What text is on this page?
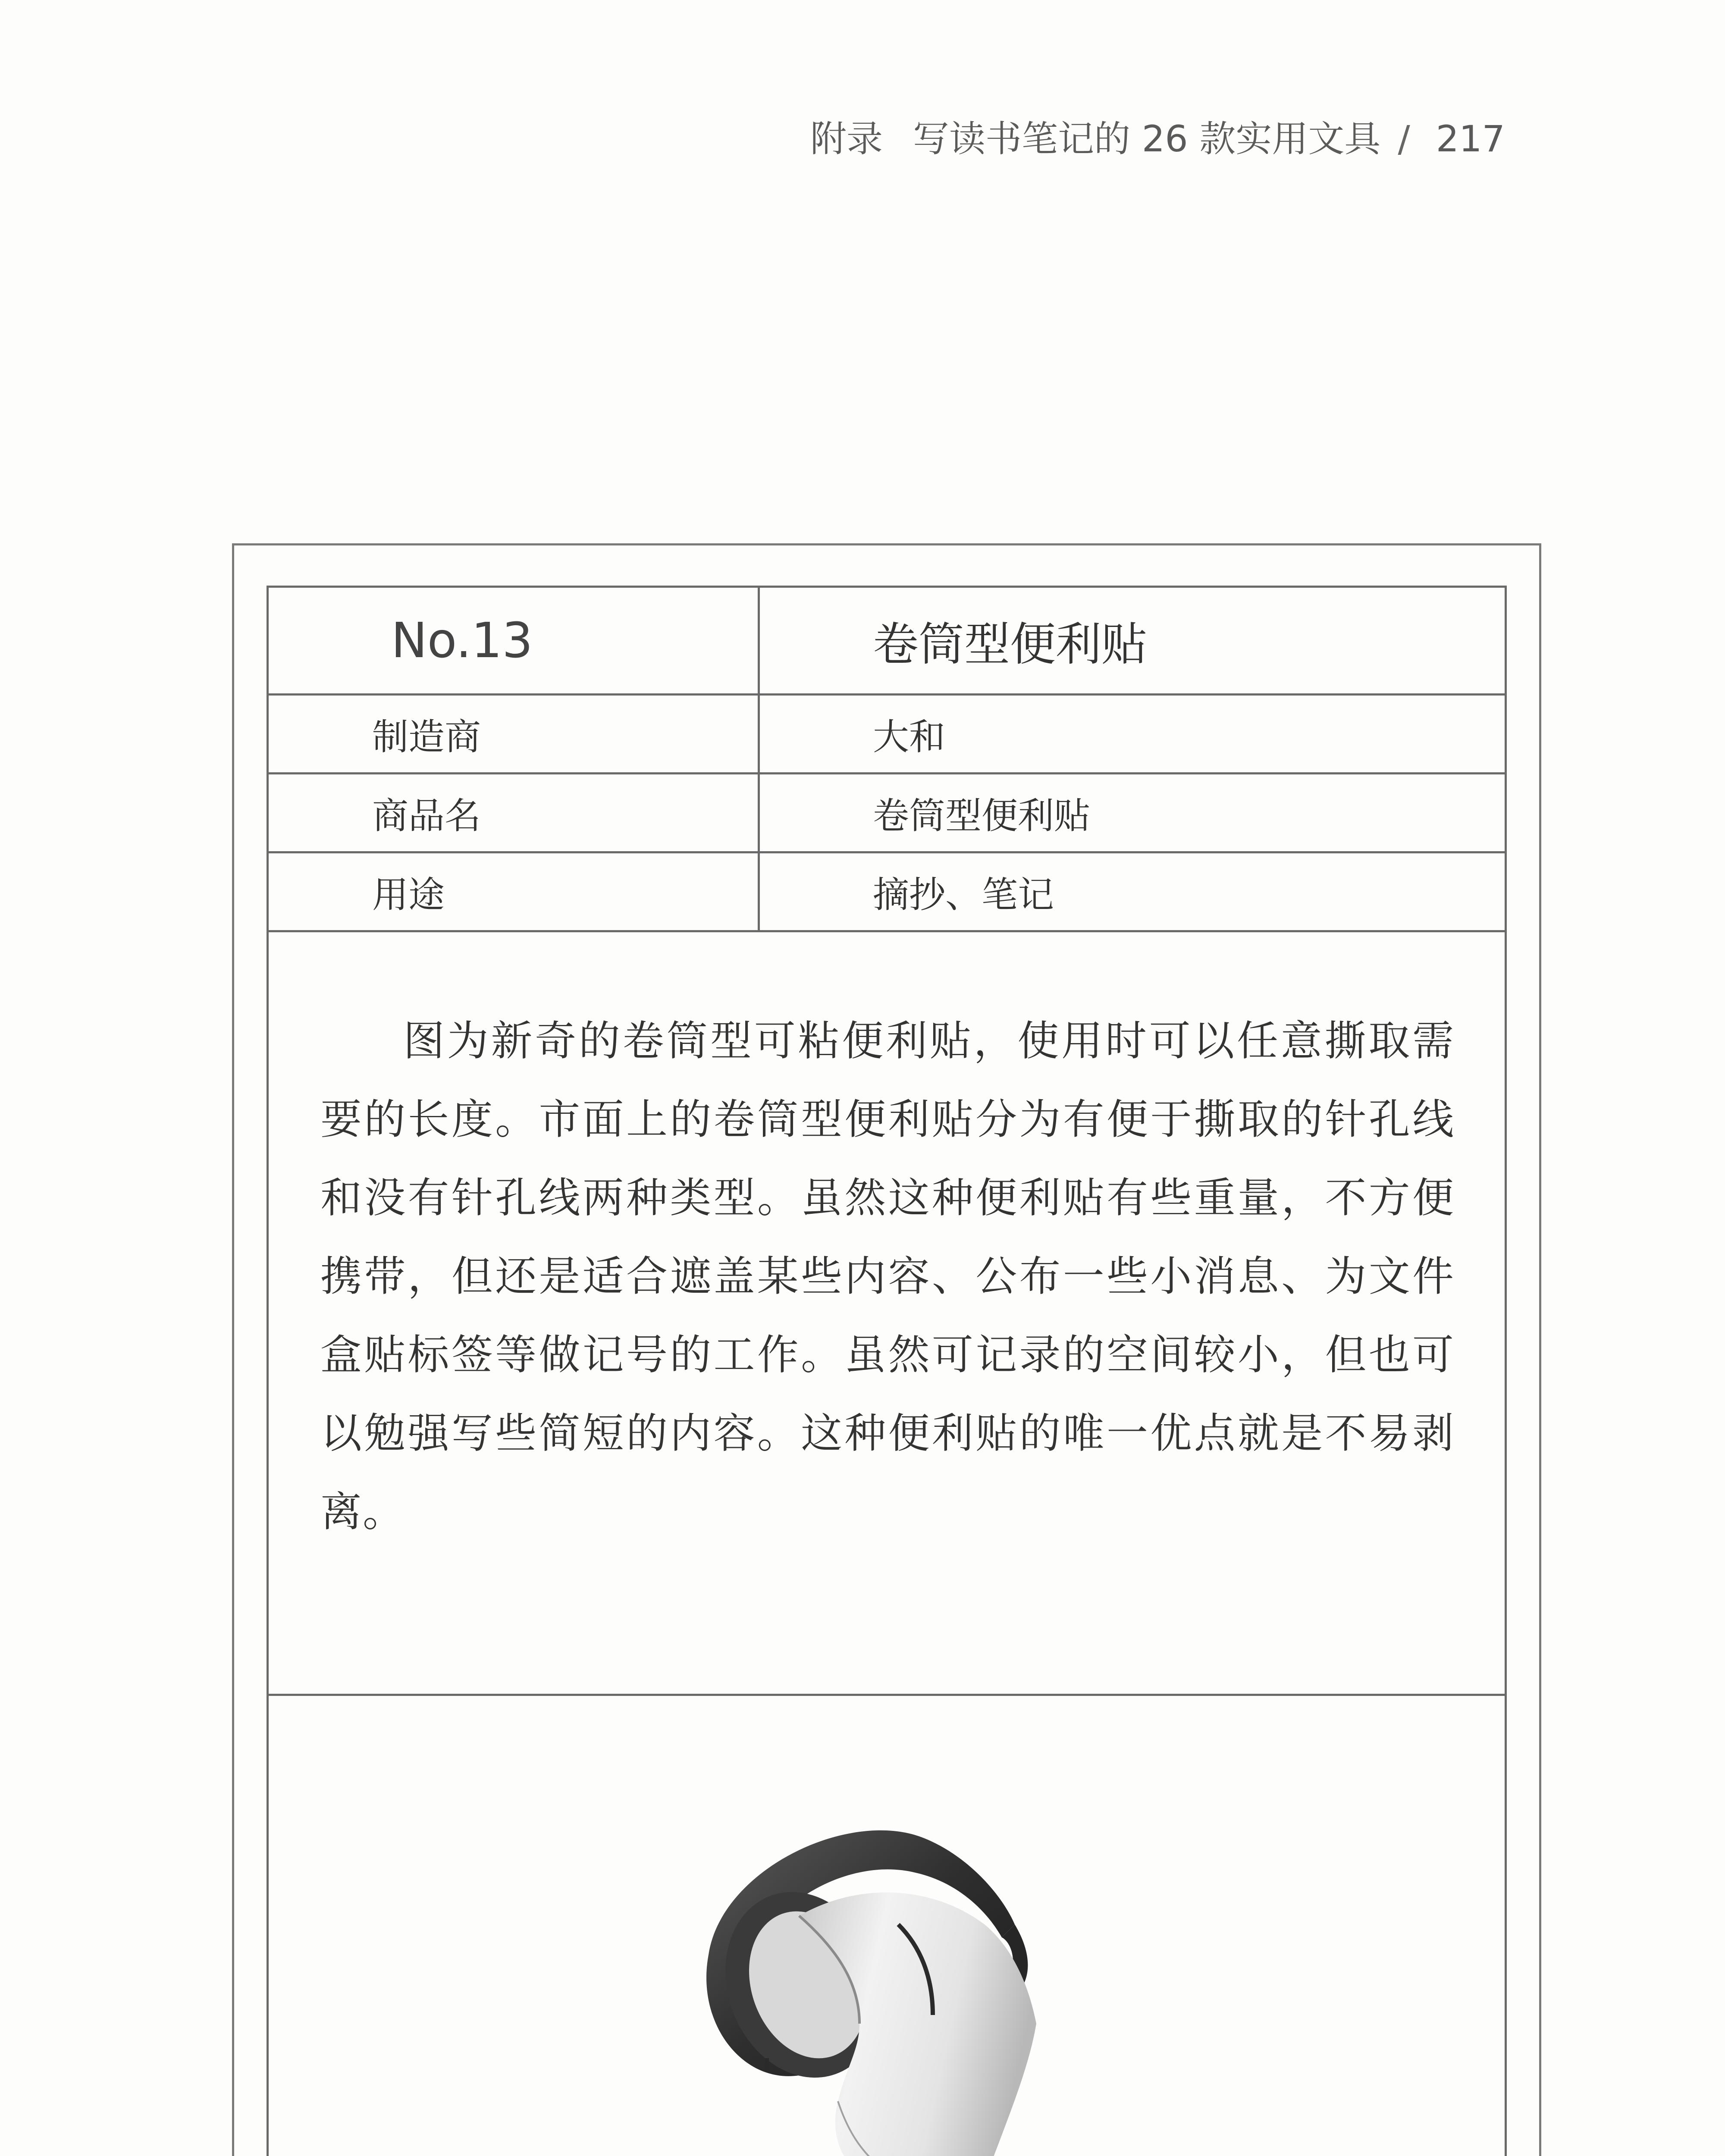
附录 写读书笔记的 26 款实用文具 / 217
No.13	卷筒型便利贴
制造商	大和
商品名	卷筒型便利贴
用途	摘抄、笔记

图为新奇的卷筒型可粘便利贴，使用时可以任意撕取需要的长度。市面上的卷筒型便利贴分为有便于撕取的针孔线和没有针孔线两种类型。虽然这种便利贴有些重量，不方便携带，但还是适合遮盖某些内容、公布一些小消息、为文件盒贴标签等做记号的工作。虽然可记录的空间较小，但也可以勉强写些简短的内容。这种便利贴的唯一优点就是不易剥离。
